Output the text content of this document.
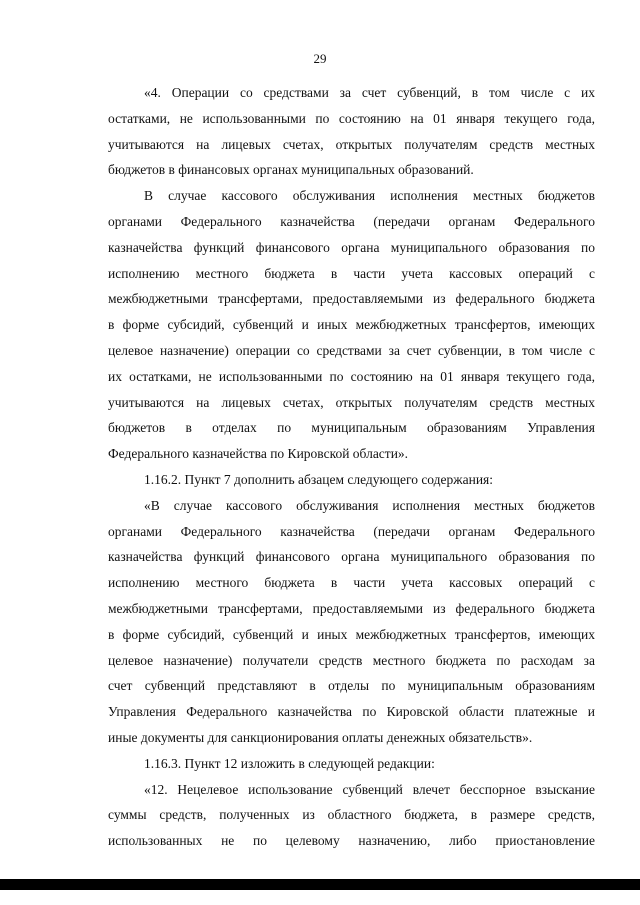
29
«4. Операции со средствами за счет субвенций, в том числе с их
остатками, не использованными по состоянию на 01 января текущего года,
учитываются на лицевых счетах, открытых получателям средств местных
бюджетов в финансовых органах муниципальных образований.
В случае кассового обслуживания исполнения местных бюджетов
органами Федерального казначейства (передачи органам Федерального
казначейства функций финансового органа муниципального образования по
исполнению местного бюджета в части учета кассовых операций с
межбюджетными трансфертами, предоставляемыми из федерального бюджета
в форме субсидий, субвенций и иных межбюджетных трансфертов, имеющих
целевое назначение) операции со средствами за счет субвенции, в том числе с
их остатками, не использованными по состоянию на 01 января текущего года,
учитываются на лицевых счетах, открытых получателям средств местных
бюджетов в отделах по муниципальным образованиям Управления
Федерального казначейства по Кировской области».
1.16.2. Пункт 7 дополнить абзацем следующего содержания:
«В случае кассового обслуживания исполнения местных бюджетов
органами Федерального казначейства (передачи органам Федерального
казначейства функций финансового органа муниципального образования по
исполнению местного бюджета в части учета кассовых операций с
межбюджетными трансфертами, предоставляемыми из федерального бюджета
в форме субсидий, субвенций и иных межбюджетных трансфертов, имеющих
целевое назначение) получатели средств местного бюджета по расходам за
счет субвенций представляют в отделы по муниципальным образованиям
Управления Федерального казначейства по Кировской области платежные и
иные документы для санкционирования оплаты денежных обязательств».
1.16.3. Пункт 12 изложить в следующей редакции:
«12. Нецелевое использование субвенций влечет бесспорное взыскание
суммы средств, полученных из областного бюджета, в размере средств,
использованных не по целевому назначению, либо приостановление
